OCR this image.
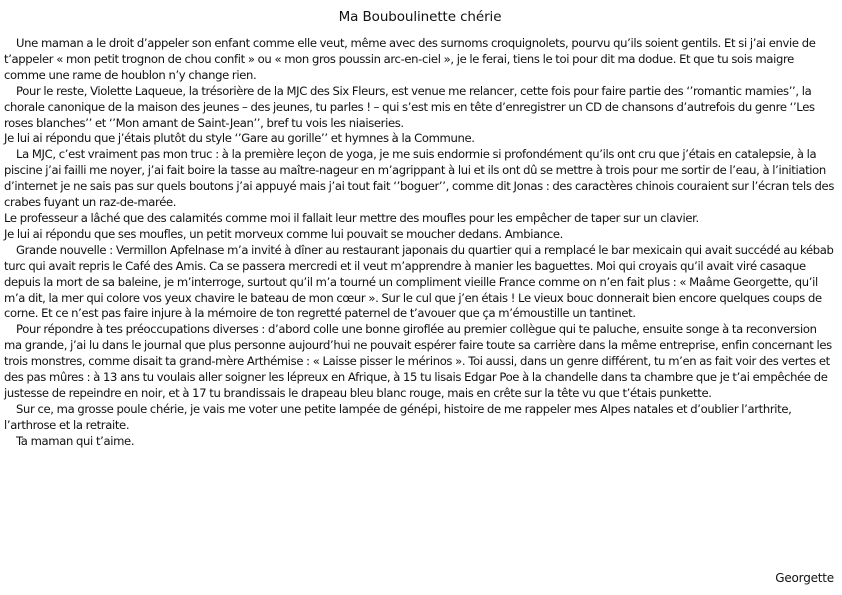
Ma Bouboulinette chérie

Une maman a le droit d’appeler son enfant comme elle veut, même avec des surnoms croquignolets, pourvu qu’ils soient gentils. Et si j’ai envie de t’appeler « mon petit trognon de chou confit » ou « mon gros poussin arc-en-ciel », je le ferai, tiens le toi pour dit ma dodue. Et que tu sois maigre comme une rame de houblon n’y change rien.

Pour le reste, Violette Laqueue, la trésorière de la MJC des Six Fleurs, est venue me relancer, cette fois pour faire partie des ‘’romantic mamies’’, la chorale canonique de la maison des jeunes – des jeunes, tu parles ! – qui s’est mis en tête d’enregistrer un CD de chansons d’autrefois du genre ‘’Les roses blanches’’ et ‘’Mon amant de Saint-Jean’’, bref tu vois les niaiseries.

Je lui ai répondu que j’étais plutôt du style ‘’Gare au gorille’’ et hymnes à la Commune.

La MJC, c’est vraiment pas mon truc : à la première leçon de yoga, je me suis endormie si profondément qu’ils ont cru que j’étais en catalepsie, à la piscine j’ai failli me noyer, j’ai fait boire la tasse au maître-nageur en m’agrippant à lui et ils ont dû se mettre à trois pour me sortir de l’eau, à l’initiation d’internet je ne sais pas sur quels boutons j’ai appuyé mais j’ai tout fait ‘’boguer’’, comme dit Jonas : des caractères chinois couraient sur l’écran tels des crabes fuyant un raz-de-marée.

Le professeur a lâché que des calamités comme moi il fallait leur mettre des moufles pour les empêcher de taper sur un clavier.

Je lui ai répondu que ses moufles, un petit morveux comme lui pouvait se moucher dedans. Ambiance.

Grande nouvelle : Vermillon Apfelnase m’a invité à dîner au restaurant japonais du quartier qui a remplacé le bar mexicain qui avait succédé au kébab turc qui avait repris le Café des Amis. Ca se passera mercredi et il veut m’apprendre à manier les baguettes. Moi qui croyais qu’il avait viré casaque depuis la mort de sa baleine, je m’interroge, surtout qu’il m’a tourné un compliment vieille France comme on n’en fait plus : « Maâme Georgette, qu’il m’a dit, la mer qui colore vos yeux chavire le bateau de mon cœur ». Sur le cul que j’en étais ! Le vieux bouc donnerait bien encore quelques coups de corne. Et ce n’est pas faire injure à la mémoire de ton regretté paternel de t’avouer que ça m’émoustille un tantinet.

Pour répondre à tes préoccupations diverses : d’abord colle une bonne giroflée au premier collègue qui te paluche, ensuite songe à ta reconversion ma grande, j’ai lu dans le journal que plus personne aujourd’hui ne pouvait espérer faire toute sa carrière dans la même entreprise, enfin concernant les trois monstres, comme disait ta grand-mère Arthémise : « Laisse pisser le mérinos ». Toi aussi, dans un genre différent, tu m’en as fait voir des vertes et des pas mûres : à 13 ans tu voulais aller soigner les lépreux en Afrique, à 15 tu lisais Edgar Poe à la chandelle dans ta chambre que je t’ai empêchée de justesse de repeindre en noir, et à 17 tu brandissais le drapeau bleu blanc rouge, mais en crête sur la tête vu que t’étais punkette.

Sur ce, ma grosse poule chérie, je vais me voter une petite lampée de génépi, histoire de me rappeler mes Alpes natales et d’oublier l’arthrite, l’arthrose et la retraite.

Ta maman qui t’aime.

Georgette
